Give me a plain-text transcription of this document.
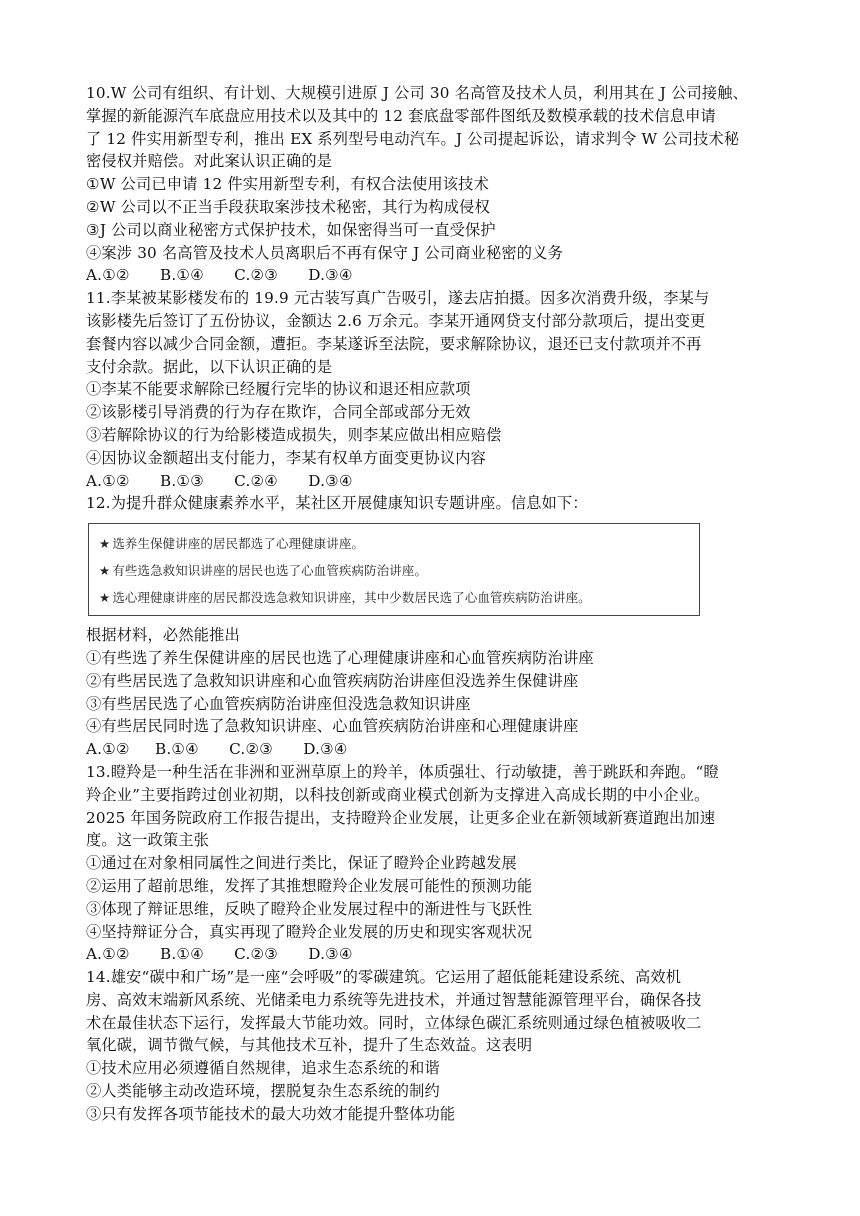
10.W 公司有组织、有计划、大规模引进原 J 公司 30 名高管及技术人员，利用其在 J 公司接触、
掌握的新能源汽车底盘应用技术以及其中的 12 套底盘零部件图纸及数模承载的技术信息申请
了 12 件实用新型专利，推出 EX 系列型号电动汽车。J 公司提起诉讼，请求判令 W 公司技术秘
密侵权并赔偿。对此案认识正确的是
①W 公司已申请 12 件实用新型专利，有权合法使用该技术
②W 公司以不正当手段获取案涉技术秘密，其行为构成侵权
③J 公司以商业秘密方式保护技术，如保密得当可一直受保护
④案涉 30 名高管及技术人员离职后不再有保守 J 公司商业秘密的义务
A.①②      B.①④      C.②③      D.③④
11.李某被某影楼发布的 19.9 元古装写真广告吸引，遂去店拍摄。因多次消费升级，李某与
该影楼先后签订了五份协议，金额达 2.6 万余元。李某开通网贷支付部分款项后，提出变更
套餐内容以减少合同金额，遭拒。李某遂诉至法院，要求解除协议，退还已支付款项并不再
支付余款。据此，以下认识正确的是
①李某不能要求解除已经履行完毕的协议和退还相应款项
②该影楼引导消费的行为存在欺诈，合同全部或部分无效
③若解除协议的行为给影楼造成损失，则李某应做出相应赔偿
④因协议金额超出支付能力，李某有权单方面变更协议内容
A.①②      B.①③      C.②④      D.③④
12.为提升群众健康素养水平，某社区开展健康知识专题讲座。信息如下：
★ 选养生保健讲座的居民都选了心理健康讲座。
★ 有些选急救知识讲座的居民也选了心血管疾病防治讲座。
★ 选心理健康讲座的居民都没选急救知识讲座，其中少数居民选了心血管疾病防治讲座。
根据材料，必然能推出
①有些选了养生保健讲座的居民也选了心理健康讲座和心血管疾病防治讲座
②有些居民选了急救知识讲座和心血管疾病防治讲座但没选养生保健讲座
③有些居民选了心血管疾病防治讲座但没选急救知识讲座
④有些居民同时选了急救知识讲座、心血管疾病防治讲座和心理健康讲座
A.①②     B.①④      C.②③      D.③④
13.瞪羚是一种生活在非洲和亚洲草原上的羚羊，体质强壮、行动敏捷，善于跳跃和奔跑。“瞪
羚企业”主要指跨过创业初期，以科技创新或商业模式创新为支撑进入高成长期的中小企业。
2025 年国务院政府工作报告提出，支持瞪羚企业发展，让更多企业在新领域新赛道跑出加速
度。这一政策主张
①通过在对象相同属性之间进行类比，保证了瞪羚企业跨越发展
②运用了超前思维，发挥了其推想瞪羚企业发展可能性的预测功能
③体现了辩证思维，反映了瞪羚企业发展过程中的渐进性与飞跃性
④坚持辩证分合，真实再现了瞪羚企业发展的历史和现实客观状况
A.①②      B.①④      C.②③      D.③④
14.雄安“碳中和广场”是一座“会呼吸”的零碳建筑。它运用了超低能耗建设系统、高效机
房、高效末端新风系统、光储柔电力系统等先进技术，并通过智慧能源管理平台，确保各技
术在最佳状态下运行，发挥最大节能功效。同时，立体绿色碳汇系统则通过绿色植被吸收二
氧化碳，调节微气候，与其他技术互补，提升了生态效益。这表明
①技术应用必须遵循自然规律，追求生态系统的和谐
②人类能够主动改造环境，摆脱复杂生态系统的制约
③只有发挥各项节能技术的最大功效才能提升整体功能
